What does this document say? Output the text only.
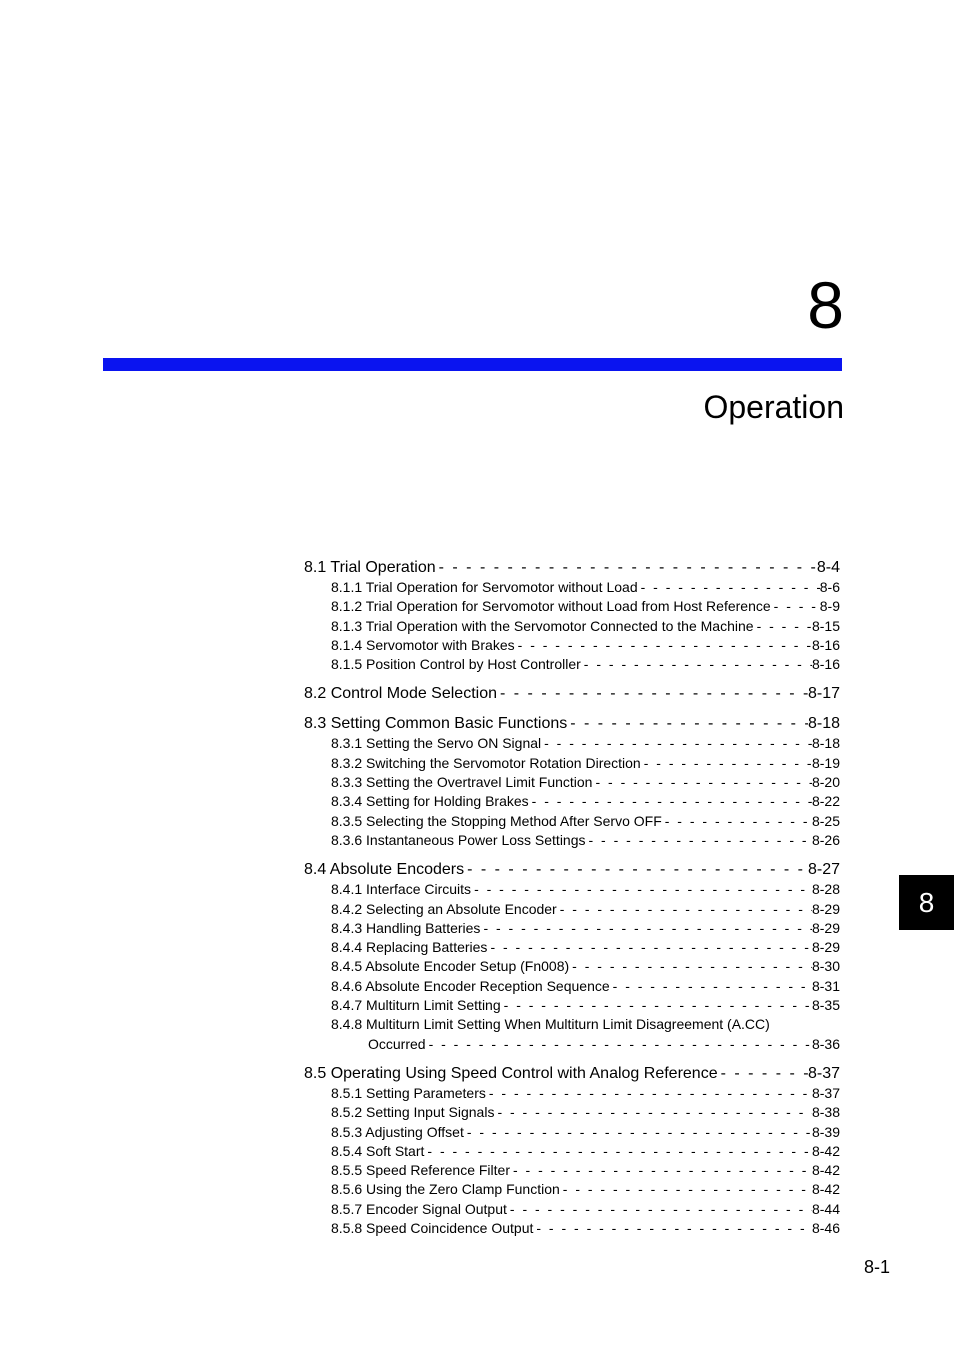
8
Operation
8.1 Trial Operation - - -	8-4
8.1.1 Trial Operation for Servomotor without Load - - -	8-6
8.1.2 Trial Operation for Servomotor without Load from Host Reference - - -	8-9
8.1.3 Trial Operation with the Servomotor Connected to the Machine - - -	8-15
8.1.4 Servomotor with Brakes - - -	8-16
8.1.5 Position Control by Host Controller - - -	8-16
8.2 Control Mode Selection - - -	8-17
8.3 Setting Common Basic Functions - - -	8-18
8.3.1 Setting the Servo ON Signal - - -	8-18
8.3.2 Switching the Servomotor Rotation Direction - - -	8-19
8.3.3 Setting the Overtravel Limit Function - - -	8-20
8.3.4 Setting for Holding Brakes - - -	8-22
8.3.5 Selecting the Stopping Method After Servo OFF - - -	8-25
8.3.6 Instantaneous Power Loss Settings - - -	8-26
8.4 Absolute Encoders - - -	8-27
8.4.1 Interface Circuits - - -	8-28
8.4.2 Selecting an Absolute Encoder - - -	8-29
8.4.3 Handling Batteries - - -	8-29
8.4.4 Replacing Batteries - - -	8-29
8.4.5 Absolute Encoder Setup (Fn008) - - -	8-30
8.4.6 Absolute Encoder Reception Sequence - - -	8-31
8.4.7 Multiturn Limit Setting - - -	8-35
8.4.8 Multiturn Limit Setting When Multiturn Limit Disagreement (A.CC)
Occurred - - -	8-36
8.5 Operating Using Speed Control with Analog Reference - - -	8-37
8.5.1 Setting Parameters - - -	8-37
8.5.2 Setting Input Signals - - -	8-38
8.5.3 Adjusting Offset - - -	8-39
8.5.4 Soft Start - - -	8-42
8.5.5 Speed Reference Filter - - -	8-42
8.5.6 Using the Zero Clamp Function - - -	8-42
8.5.7 Encoder Signal Output - - -	8-44
8.5.8 Speed Coincidence Output - - -	8-46
8
8-1
